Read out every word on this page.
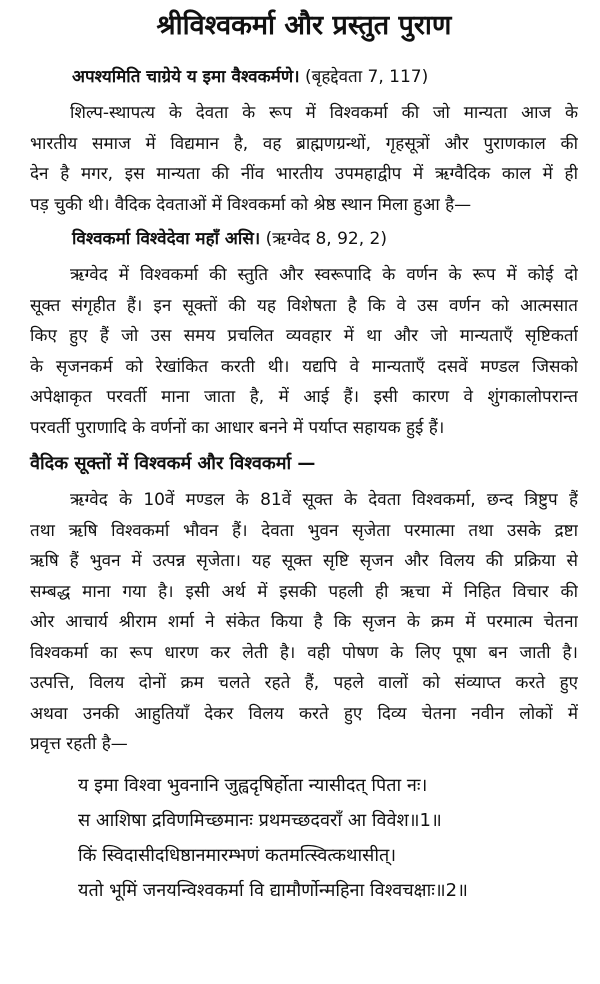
श्रीविश्वकर्मा और प्रस्तुत पुराण
अपश्यमिति चाग्रेये य इमा वैश्वकर्मणे। (बृहद्देवता 7, 117)
शिल्प-स्थापत्य के देवता के रूप में विश्वकर्मा की जो मान्यता आज के
भारतीय समाज में विद्यमान है, वह ब्राह्मणग्रन्थों, गृहसूत्रों और पुराणकाल की
देन है मगर, इस मान्यता की नींव भारतीय उपमहाद्वीप में ऋग्वैदिक काल में ही
पड़ चुकी थी। वैदिक देवताओं में विश्वकर्मा को श्रेष्ठ स्थान मिला हुआ है—
विश्वकर्मा विश्वेदेवा महाँ असि। (ऋग्वेद 8, 92, 2)
ऋग्वेद में विश्वकर्मा की स्तुति और स्वरूपादि के वर्णन के रूप में कोई दो
सूक्त संगृहीत हैं। इन सूक्तों की यह विशेषता है कि वे उस वर्णन को आत्मसात
किए हुए हैं जो उस समय प्रचलित व्यवहार में था और जो मान्यताएँ सृष्टिकर्ता
के सृजनकर्म को रेखांकित करती थी। यद्यपि वे मान्यताएँ दसवें मण्डल जिसको
अपेक्षाकृत परवर्ती माना जाता है, में आई हैं। इसी कारण वे शुंगकालोपरान्त
परवर्ती पुराणादि के वर्णनों का आधार बनने में पर्याप्त सहायक हुई हैं।
वैदिक सूक्तों में विश्वकर्म और विश्वकर्मा —
ऋग्वेद के 10वें मण्डल के 81वें सूक्त के देवता विश्वकर्मा, छन्द त्रिष्टुप हैं
तथा ऋषि विश्वकर्मा भौवन हैं। देवता भुवन सृजेता परमात्मा तथा उसके द्रष्टा
ऋषि हैं भुवन में उत्पन्न सृजेता। यह सूक्त सृष्टि सृजन और विलय की प्रक्रिया से
सम्बद्ध माना गया है। इसी अर्थ में इसकी पहली ही ऋचा में निहित विचार की
ओर आचार्य श्रीराम शर्मा ने संकेत किया है कि सृजन के क्रम में परमात्म चेतना
विश्वकर्मा का रूप धारण कर लेती है। वही पोषण के लिए पूषा बन जाती है।
उत्पत्ति, विलय दोनों क्रम चलते रहते हैं, पहले वालों को संव्याप्त करते हुए
अथवा उनकी आहुतियाँ देकर विलय करते हुए दिव्य चेतना नवीन लोकों में
प्रवृत्त रहती है—
य इमा विश्वा भुवनानि जुह्वदृषिर्होता न्यासीदत् पिता नः।
स आशिषा द्रविणमिच्छमानः प्रथमच्छदवराँ आ विवेश॥1॥
किं स्विदासीदधिष्ठानमारम्भणं कतमत्स्वित्कथासीत्।
यतो भूमिं जनयन्विश्वकर्मा वि द्यामौर्णोन्महिना विश्वचक्षाः॥2॥
